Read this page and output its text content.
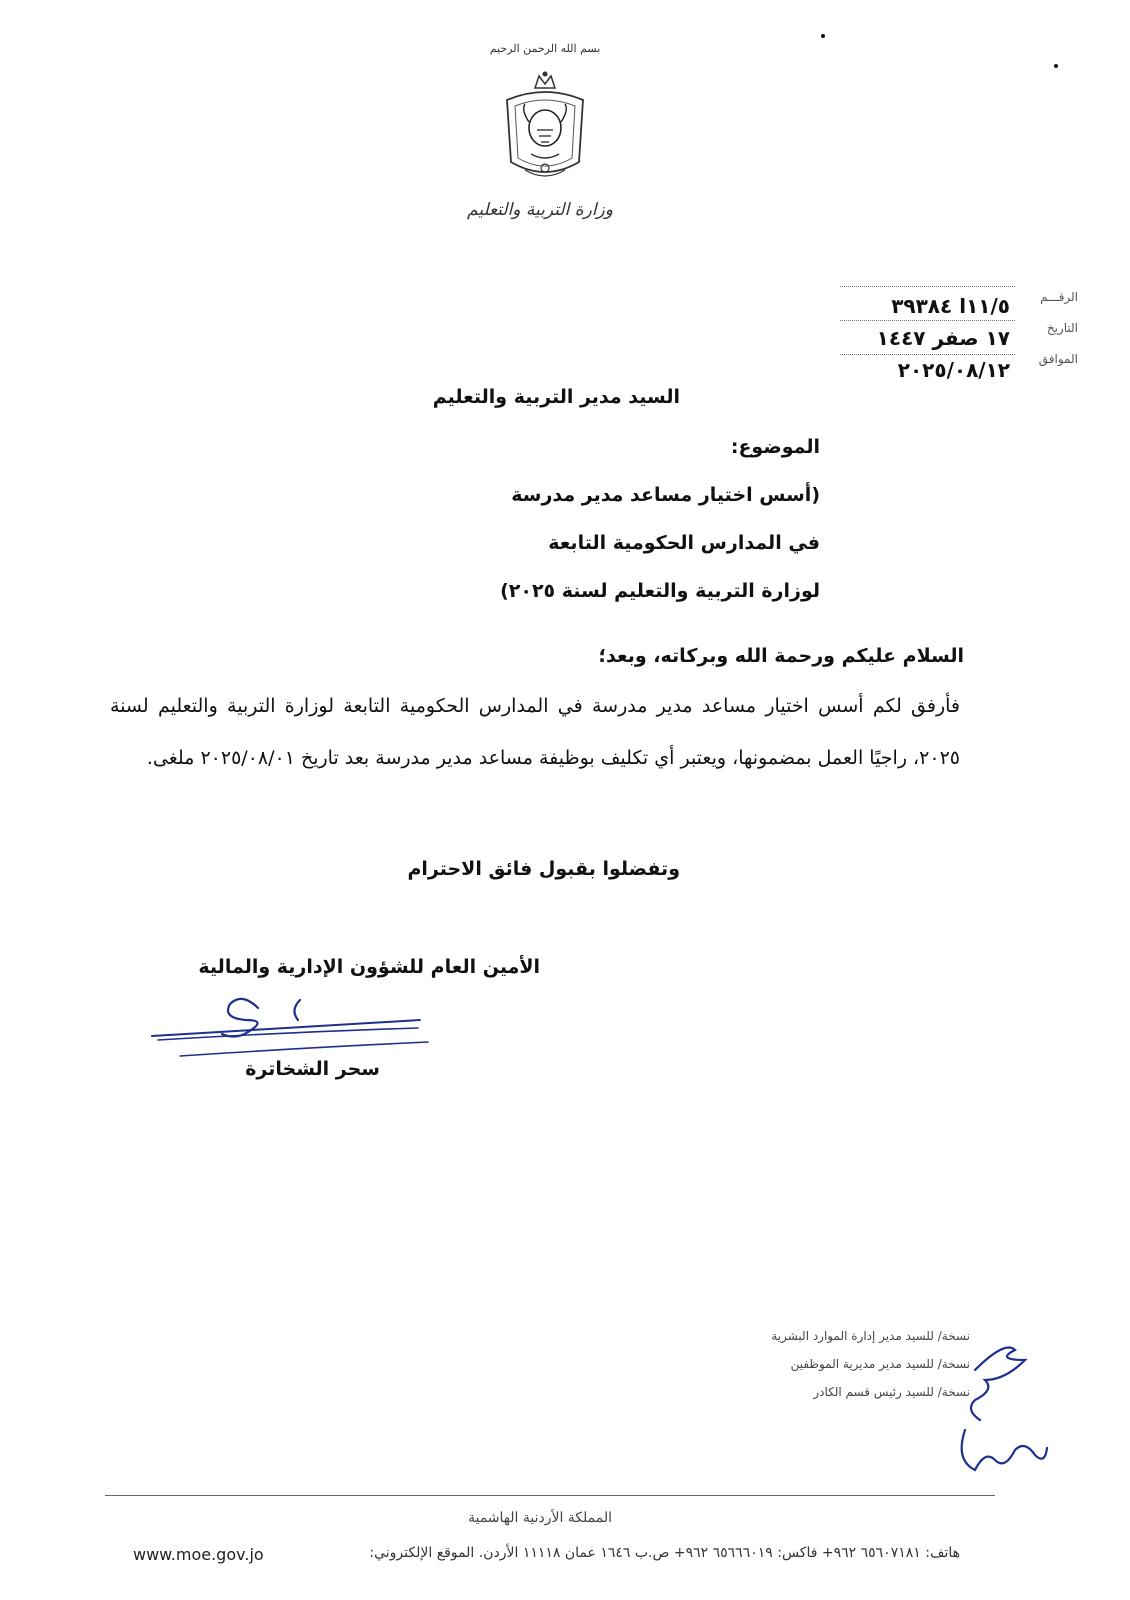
بسم الله الرحمن الرحيم
وزارة التربية والتعليم
الرقـــم
التاريخ
الموافق
١١/٥ا ٣٩٣٨٤
١٧ صفر ١٤٤٧
٢٠٢٥/٠٨/١٢
السيد مدير التربية والتعليم
الموضوع:
(أسس اختيار مساعد مدير مدرسة
في المدارس الحكومية التابعة
لوزارة التربية والتعليم لسنة ٢٠٢٥)
السلام عليكم ورحمة الله وبركاته، وبعد؛
فأرفق لكم أسس اختيار مساعد مدير مدرسة في المدارس الحكومية التابعة لوزارة التربية والتعليم لسنة ٢٠٢٥، راجيًا العمل بمضمونها، ويعتبر أي تكليف بوظيفة مساعد مدير مدرسة بعد تاريخ ٢٠٢٥/٠٨/٠١ ملغى.
وتفضلوا بقبول فائق الاحترام
الأمين العام للشؤون الإدارية والمالية
سحر الشخاترة
نسخة/ للسيد مدير إدارة الموارد البشرية
نسخة/ للسيد مدير مديرية الموظفين
نسخة/ للسيد رئيس قسم الكادر
المملكة الأردنية الهاشمية
هاتف: ٦٥٦٠٧١٨١ ٩٦٢+ فاكس: ٦٥٦٦٦٠١٩ ٩٦٢+ ص.ب ١٦٤٦ عمان ١١١١٨ الأردن. الموقع الإلكتروني:
www.moe.gov.jo
